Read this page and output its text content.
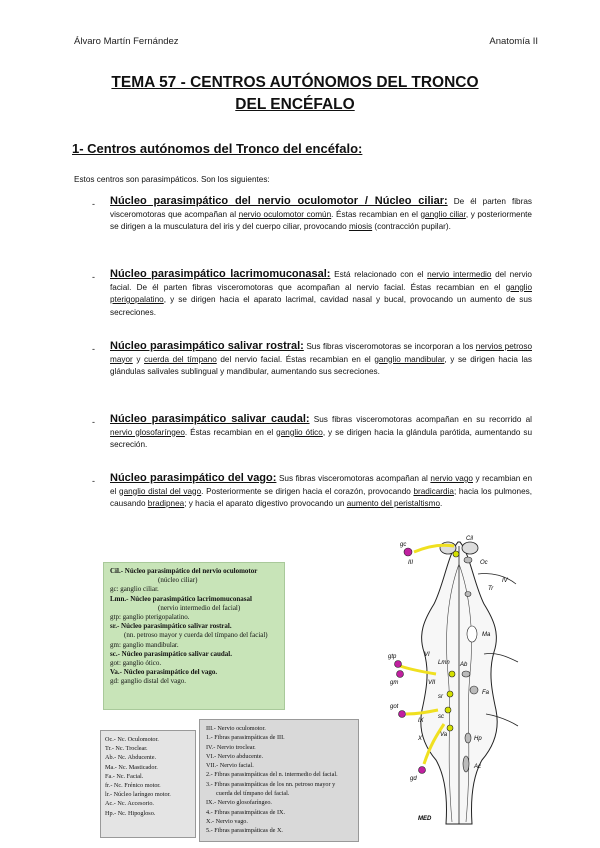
Álvaro Martín Fernández	Anatomía II
TEMA 57 - CENTROS AUTÓNOMOS DEL TRONCO
DEL ENCÉFALO
1- Centros autónomos del Tronco del encéfalo:
Estos centros son parasimpáticos. Son los siguientes:
- Núcleo parasimpático del nervio oculomotor / Núcleo ciliar: De él parten fibras visceromotoras que acompañan al nervio oculomotor común. Éstas recambian en el ganglio ciliar, y posteriormente se dirigen a la musculatura del iris y del cuerpo ciliar, provocando miosis (contracción pupilar).
- Núcleo parasimpático lacrimomuconasal: Está relacionado con el nervio intermedio del nervio facial. De él parten fibras visceromotoras que acompañan al nervio facial. Éstas recambian en el ganglio pterigopalatino, y se dirigen hacia el aparato lacrimal, cavidad nasal y bucal, provocando un aumento de sus secreciones.
- Núcleo parasimpático salivar rostral: Sus fibras visceromotoras se incorporan a los nervios petroso mayor y cuerda del tímpano del nervio facial. Éstas recambian en el ganglio mandibular, y se dirigen hacia las glándulas salivales sublingual y mandibular, aumentando sus secreciones.
- Núcleo parasimpático salivar caudal: Sus fibras visceromotoras acompañan en su recorrido al nervio glosofaríngeo. Éstas recambian en el ganglio ótico, y se dirigen hacia la glándula parótida, aumentando su secreción.
- Núcleo parasimpático del vago: Sus fibras visceromotoras acompañan al nervio vago y recambian en el ganglio distal del vago. Posteriormente se dirigen hacia el corazón, provocando bradicardia; hacia los pulmones, causando bradipnea; y hacia el aparato digestivo provocando un aumento del peristaltismo.
Cil.- Núcleo parasimpático del nervio oculomotor
(núcleo ciliar)
gc: ganglio ciliar.
Lmn.- Núcleo parasimpático lacrimomuconasal
(nervio intermedio del facial)
gtp: ganglio pterigopalatino.
sr.- Núcleo parasimpático salivar rostral.
(nn. petroso mayor y cuerda del tímpano del facial)
gm: ganglio mandibular.
sc.- Núcleo parasimpático salivar caudal.
got: ganglio ótico.
Va.- Núcleo parasimpático del vago.
gd: ganglio distal del vago.
Oc.- Nc. Oculomotor.
Tr.- Nc. Troclear.
Ab.- Nc. Abducente.
Ma.- Nc. Masticador.
Fa.- Nc. Facial.
fr.- Nc. Frénico motor.
lr.- Núcleo laríngeo motor.
Ac.- Nc. Accesorio.
Hp.- Nc. Hipogloso.
III.- Nervio oculomotor.
1.- Fibras parasimpáticas de III.
IV.- Nervio troclear.
VI.- Nervio abducente.
VII.- Nervio facial.
2.- Fibras parasimpáticas del n. intermedio del facial.
3.- Fibras parasimpáticas de los nn. petroso mayor y
cuerda del tímpano del facial.
IX.- Nervio glosofaríngeo.
4.- Fibras parasimpáticas de IX.
X.- Nervio vago.
5.- Fibras parasimpáticas de X.
gc
Cil
III	Oc
Tr
IV
Ma
Ab
Fa
Lmn
VI
gtp
gm	VII
got
sr
sc
IX
X
Va
gd
Ac
Hp
MED
